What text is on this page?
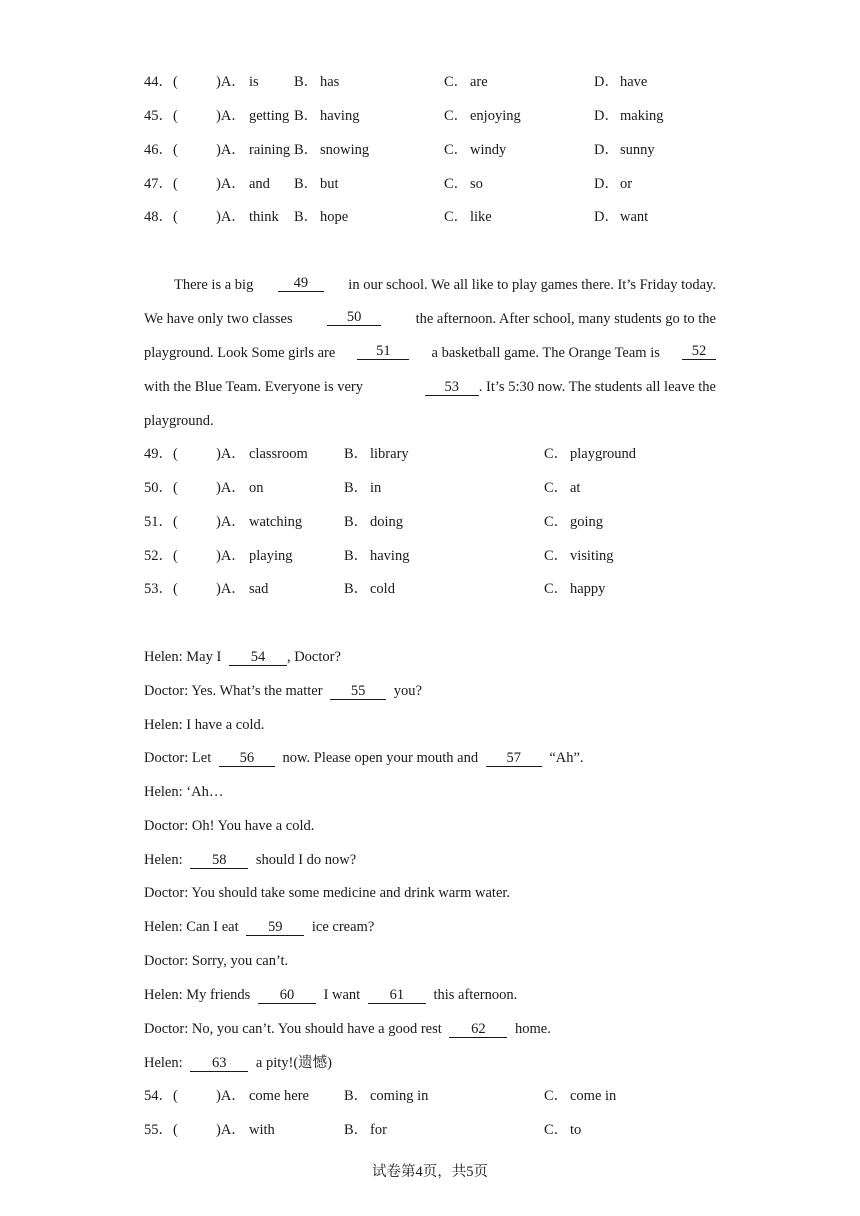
44．(	)A． is B． has	C． are	D． have
45．(	)A． getting B． having	C． enjoying	D． making
46．(	)A． raining B． snowing	C． windy	D． sunny
47．(	)A． and B． but	C． so	D． or
48．(	)A． think B． hope	C． like	D． want
There is a big	49	in our school. We all like to play games there. It’s Friday today.
We have only two classes	50	the afternoon. After school, many students go to the
playground. Look Some girls are	51	a basketball game. The Orange Team is	52
with the Blue Team. Everyone is very	53 . It’s 5:30 now. The students all leave the
playground.
49．(	)A． classroom B． library	C． playground
50．(	)A． on	B． in	C． at
51．(	)A． watching	B． doing	C． going
52．(	)A． playing	B． having	C． visiting
53．(	)A． sad	B． cold	C． happy
Helen: May I 54 , Doctor?
Doctor: Yes. What’s the matter 55 you?
Helen: I have a cold.
Doctor: Let 56 now. Please open your mouth and 57 “Ah”.
Helen: ‘Ah…
Doctor: Oh! You have a cold.
Helen: 58 should I do now?
Doctor: You should take some medicine and drink warm water.
Helen: Can I eat 59 ice cream?
Doctor: Sorry, you can’t.
Helen: My friends 60 I want 61 this afternoon.
Doctor: No, you can’t. You should have a good rest 62 home.
Helen: 63 a pity!(遗憾)
54．(	)A． come here B． coming in	C． come in
55．(	)A． with	B． for	C． to
试卷第4页，共5页
